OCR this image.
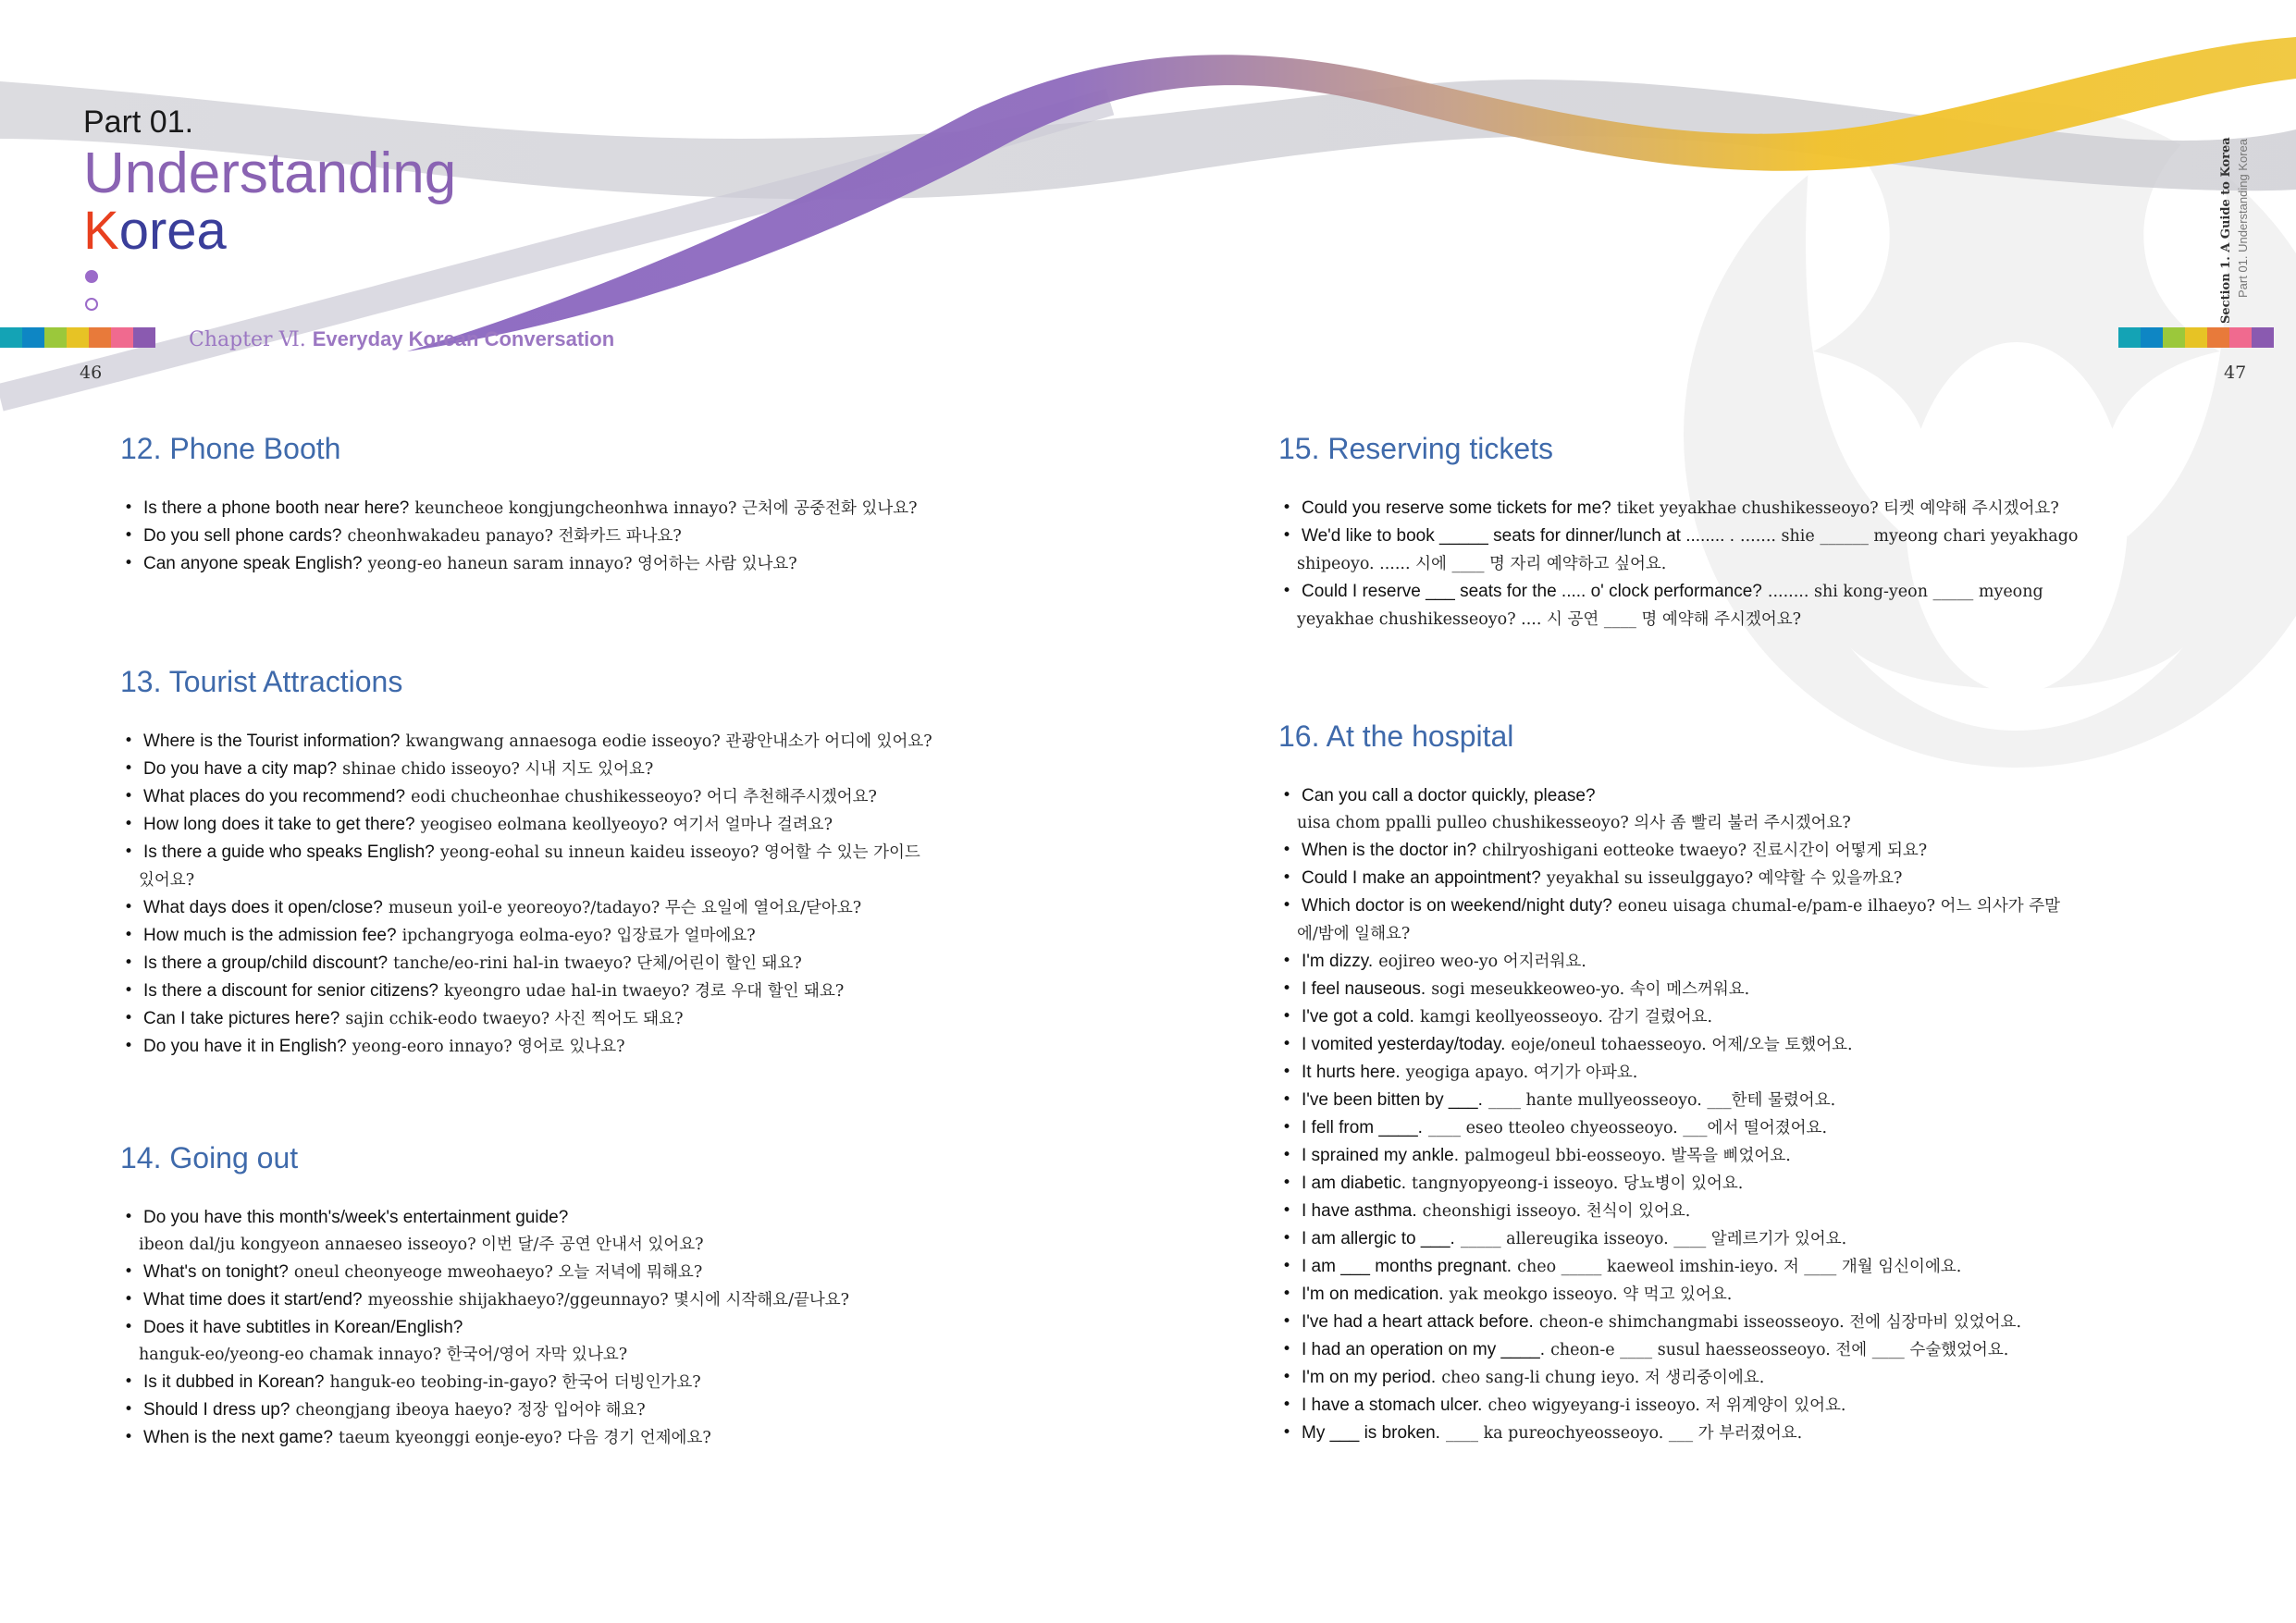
Part 01.
Understanding
Korea
Chapter Ⅵ. Everyday Korean Conversation
46	47
Section 1. A Guide to Korea Part 01. Understanding Korea
12. Phone Booth
• Is there a phone booth near here? keuncheoe kongjungcheonhwa innayo? 근처에 공중전화 있나요?
• Do you sell phone cards? cheonhwakadeu panayo? 전화카드 파나요?
• Can anyone speak English? yeong-eo haneun saram innayo? 영어하는 사람 있나요?
13. Tourist Attractions
• Where is the Tourist information? kwangwang annaesoga eodie isseoyo? 관광안내소가 어디에 있어요?
• Do you have a city map? shinae chido isseoyo? 시내 지도 있어요?
• What places do you recommend? eodi chucheonhae chushikesseoyo? 어디 추천해주시겠어요?
• How long does it take to get there? yeogiseo eolmana keollyeoyo? 여기서 얼마나 걸려요?
• Is there a guide who speaks English? yeong-eohal su inneun kaideu isseoyo? 영어할 수 있는 가이드
있어요?
• What days does it open/close? museun yoil-e yeoreoyo?/tadayo? 무슨 요일에 열어요/닫아요?
• How much is the admission fee? ipchangryoga eolma-eyo? 입장료가 얼마에요?
• Is there a group/child discount? tanche/eo-rini hal-in twaeyo? 단체/어린이 할인 돼요?
• Is there a discount for senior citizens? kyeongro udae hal-in twaeyo? 경로 우대 할인 돼요?
• Can I take pictures here? sajin cchik-eodo twaeyo? 사진 찍어도 돼요?
• Do you have it in English? yeong-eoro innayo? 영어로 있나요?
14. Going out
• Do you have this month's/week's entertainment guide?
ibeon dal/ju kongyeon annaeseo isseoyo? 이번 달/주 공연 안내서 있어요?
• What's on tonight? oneul cheonyeoge mweohaeyo? 오늘 저녁에 뭐해요?
• What time does it start/end? myeosshie shijakhaeyo?/ggeunnayo? 몇시에 시작해요/끝나요?
• Does it have subtitles in Korean/English?
hanguk-eo/yeong-eo chamak innayo? 한국어/영어 자막 있나요?
• Is it dubbed in Korean? hanguk-eo teobing-in-gayo? 한국어 더빙인가요?
• Should I dress up? cheongjang ibeoya haeyo? 정장 입어야 해요?
• When is the next game? taeum kyeonggi eonje-eyo? 다음 경기 언제에요?
15. Reserving tickets
• Could you reserve some tickets for me? tiket yeyakhae chushikesseoyo? 티켓 예약해 주시겠어요?
• We'd like to book _____ seats for dinner/lunch at ........ . ....... shie ______ myeong chari yeyakhago
shipeoyo. ...... 시에 ____ 명 자리 예약하고 싶어요.
• Could I reserve ___ seats for the ..... o' clock performance? ........ shi kong-yeon _____ myeong
yeyakhae chushikesseoyo? .... 시 공연 ____ 명 예약해 주시겠어요?
16. At the hospital
• Can you call a doctor quickly, please?
uisa chom ppalli pulleo chushikesseoyo? 의사 좀 빨리 불러 주시겠어요?
• When is the doctor in? chilryoshigani eotteoke twaeyo? 진료시간이 어떻게 되요?
• Could I make an appointment? yeyakhal su isseulggayo? 예약할 수 있을까요?
• Which doctor is on weekend/night duty? eoneu uisaga chumal-e/pam-e ilhaeyo? 어느 의사가 주말
에/밤에 일해요?
• I'm dizzy. eojireo weo-yo 어지러워요.
• I feel nauseous. sogi meseukkeoweo-yo. 속이 메스꺼워요.
• I've got a cold. kamgi keollyeosseoyo. 감기 걸렸어요.
• I vomited yesterday/today. eoje/oneul tohaesseoyo. 어제/오늘 토했어요.
• It hurts here. yeogiga apayo. 여기가 아파요.
• I've been bitten by ___. ____ hante mullyeosseoyo. ___한테 물렸어요.
• I fell from ____. ____ eseo tteoleo chyeosseoyo. ___에서 떨어졌어요.
• I sprained my ankle. palmogeul bbi-eosseoyo. 발목을 삐었어요.
• I am diabetic. tangnyopyeong-i isseoyo. 당뇨병이 있어요.
• I have asthma. cheonshigi isseoyo. 천식이 있어요.
• I am allergic to ___. _____ allereugika isseoyo. ____ 알레르기가 있어요.
• I am ___ months pregnant. cheo _____ kaeweol imshin-ieyo. 저 ____ 개월 임신이에요.
• I'm on medication. yak meokgo isseoyo. 약 먹고 있어요.
• I've had a heart attack before. cheon-e shimchangmabi isseosseoyo. 전에 심장마비 있었어요.
• I had an operation on my ____. cheon-e ____ susul haesseosseoyo. 전에 ____ 수술했었어요.
• I'm on my period. cheo sang-li chung ieyo. 저 생리중이에요.
• I have a stomach ulcer. cheo wigyeyang-i isseoyo. 저 위계양이 있어요.
• My ___ is broken. ____ ka pureochyeosseoyo. ___ 가 부러졌어요.
